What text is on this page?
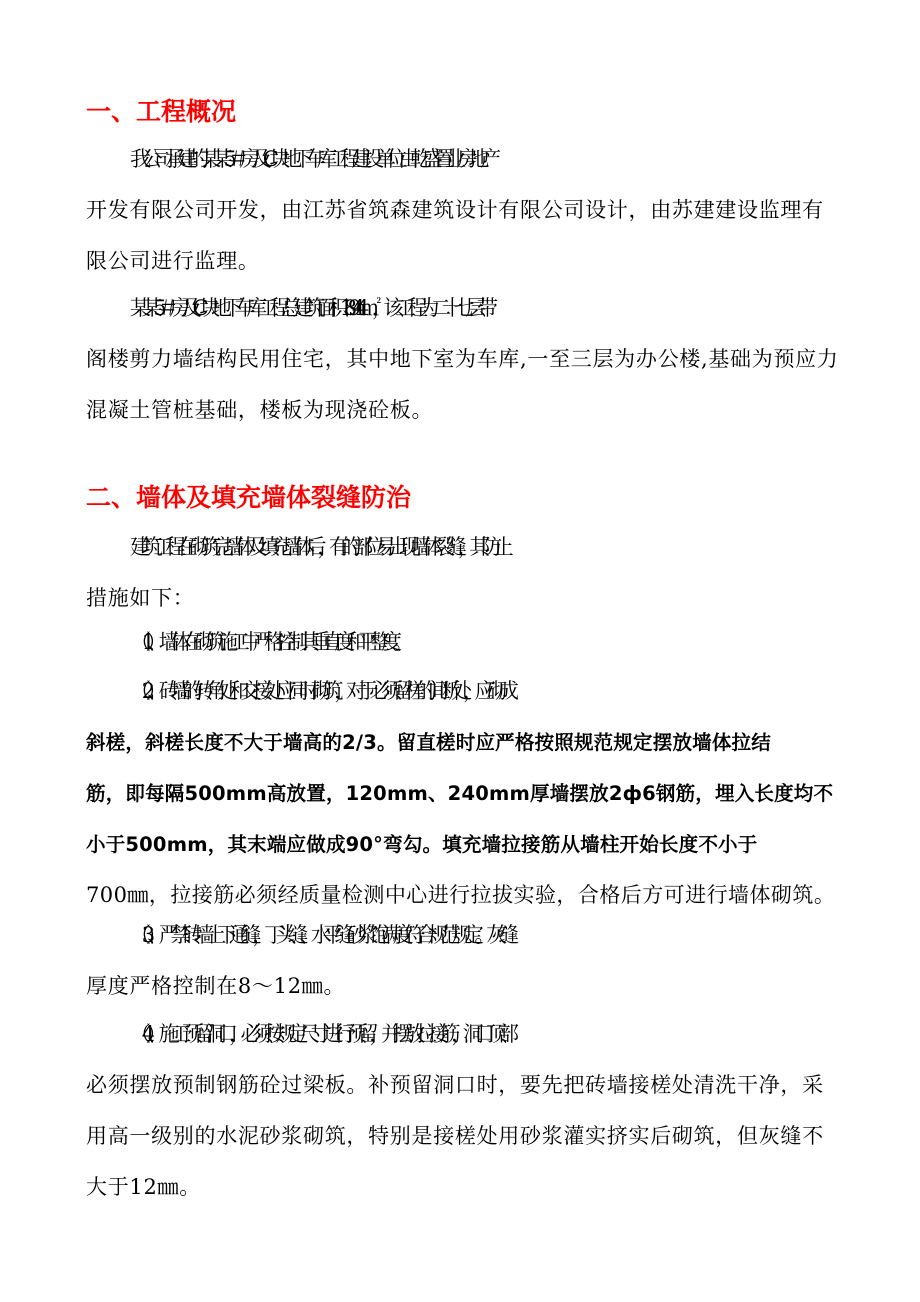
一、工程概况
我公司承建的某某5＃房及C块地下车库工程建设单位由乾盛置业房地产
开发有限公司开发，由江苏省筑森建筑设计有限公司设计，由苏建建设监理有
限公司进行监理。
某某5＃房及C块地下车库工程总建筑面积18944㎡，该工程为二十七层带
阁楼剪力墙结构民用住宅，其中地下室为车库,一至三层为办公楼,基础为预应力
混凝土管桩基础，楼板为现浇砼板。
二、墙体及填充墙体裂缝防治
建筑工程在砌筑完墙体及填充墙体后，有的部位易出现墙体裂缝，其防止
措施如下：
（1）、墙体在砌筑施工中严格控制其垂直度和平整度。
（2）、砖墙的转角处和交接处应同时砌筑，对于必须留槎的间断处，应砌成
斜槎，斜槎长度不大于墙高的2/3。留直槎时应严格按照规范规定摆放墙体拉结
筋，即每隔500mm高放置，120mm、240mm厚墙摆放2ф6钢筋，埋入长度均不
小于500mm，其末端应做成90°弯勾。填充墙拉接筋从墙柱开始长度不小于
700㎜，拉接筋必须经质量检测中心进行拉拔实验，合格后方可进行墙体砌筑。
（3）、严禁砖墙上下通缝，丁头缝、水平缝砂浆饱满度符合规范规定。灰缝
厚度严格控制在8～12㎜。
（4）、施工预留洞口，必须按规定尺寸进行预留，并摆放拉接筋，洞口顶部
必须摆放预制钢筋砼过梁板。补预留洞口时，要先把砖墙接槎处清洗干净，采
用高一级别的水泥砂浆砌筑，特别是接槎处用砂浆灌实挤实后砌筑，但灰缝不
大于12㎜。
